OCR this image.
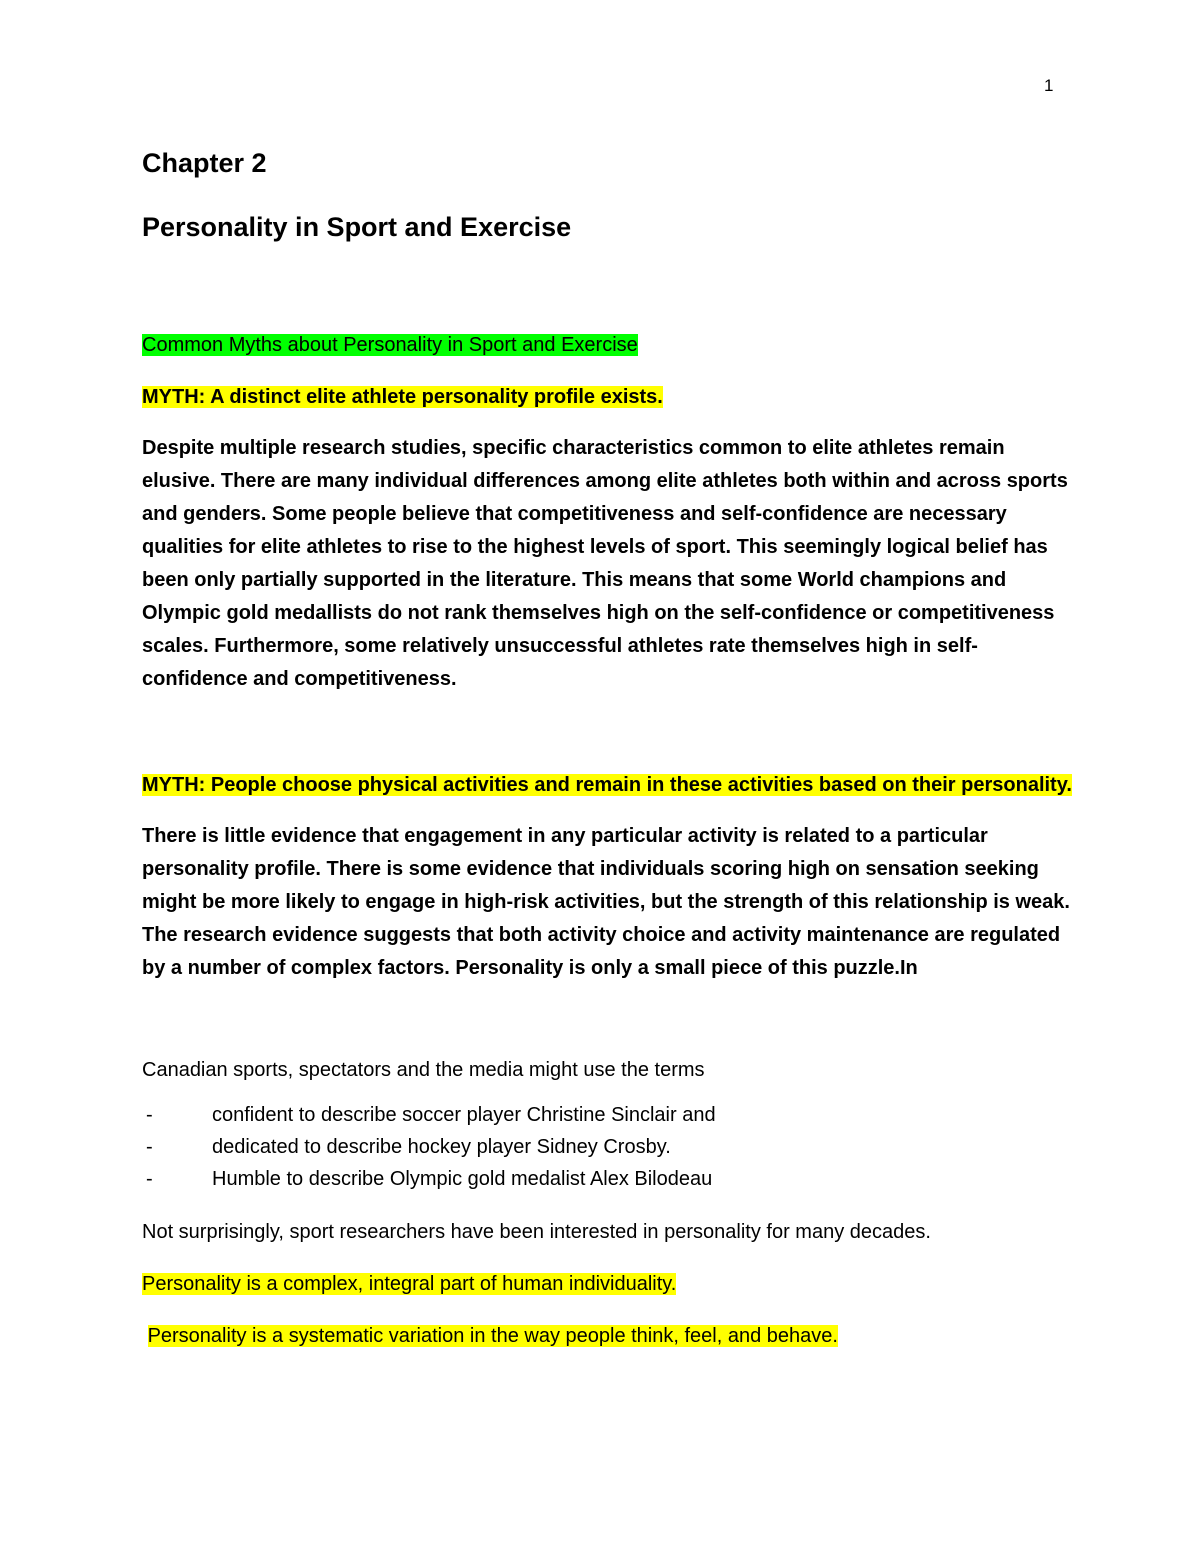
1
Chapter 2
Personality in Sport and Exercise

Common Myths about Personality in Sport and Exercise

MYTH: A distinct elite athlete personality profile exists.

Despite multiple research studies, specific characteristics common to elite athletes remain elusive. There are many individual differences among elite athletes both within and across sports and genders. Some people believe that competitiveness and self-confidence are necessary qualities for elite athletes to rise to the highest levels of sport. This seemingly logical belief has been only partially supported in the literature. This means that some World champions and Olympic gold medallists do not rank themselves high on the self-confidence or competitiveness scales. Furthermore, some relatively unsuccessful athletes rate themselves high in self-confidence and competitiveness.

MYTH: People choose physical activities and remain in these activities based on their personality.

There is little evidence that engagement in any particular activity is related to a particular personality profile. There is some evidence that individuals scoring high on sensation seeking might be more likely to engage in high-risk activities, but the strength of this relationship is weak. The research evidence suggests that both activity choice and activity maintenance are regulated by a number of complex factors. Personality is only a small piece of this puzzle.In

Canadian sports, spectators and the media might use the terms

-	confident to describe soccer player Christine Sinclair and
-	dedicated to describe hockey player Sidney Crosby.
-	Humble to describe Olympic gold medalist Alex Bilodeau

Not surprisingly, sport researchers have been interested in personality for many decades.

Personality is a complex, integral part of human individuality.

Personality is a systematic variation in the way people think, feel, and behave.
